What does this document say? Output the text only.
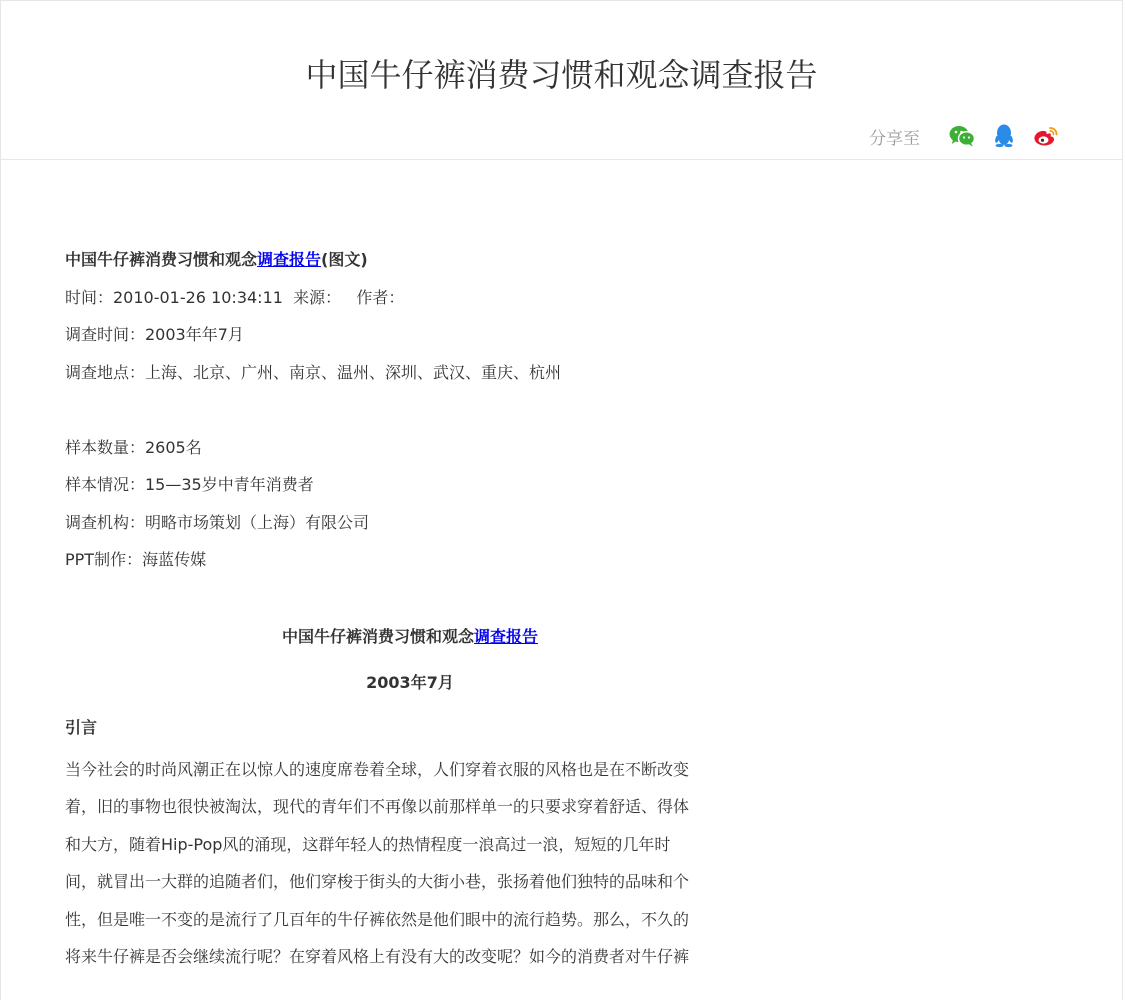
中国牛仔裤消费习惯和观念调查报告
分享至
中国牛仔裤消费习惯和观念调查报告(图文)
时间：2010-01-26 10:34:11  来源：   作者：
调查时间：2003年年7月
调查地点：上海、北京、广州、南京、温州、深圳、武汉、重庆、杭州
样本数量：2605名
样本情况：15—35岁中青年消费者
调查机构：明略市场策划（上海）有限公司
PPT制作：海蓝传媒
中国牛仔裤消费习惯和观念调查报告
2003年7月
引言
当今社会的时尚风潮正在以惊人的速度席卷着全球，人们穿着衣服的风格也是在不断改变
着，旧的事物也很快被淘汰，现代的青年们不再像以前那样单一的只要求穿着舒适、得体
和大方，随着Hip-Pop风的涌现，这群年轻人的热情程度一浪高过一浪，短短的几年时
间，就冒出一大群的追随者们，他们穿梭于街头的大街小巷，张扬着他们独特的品味和个
性，但是唯一不变的是流行了几百年的牛仔裤依然是他们眼中的流行趋势。那么，不久的
将来牛仔裤是否会继续流行呢？在穿着风格上有没有大的改变呢？如今的消费者对牛仔裤
